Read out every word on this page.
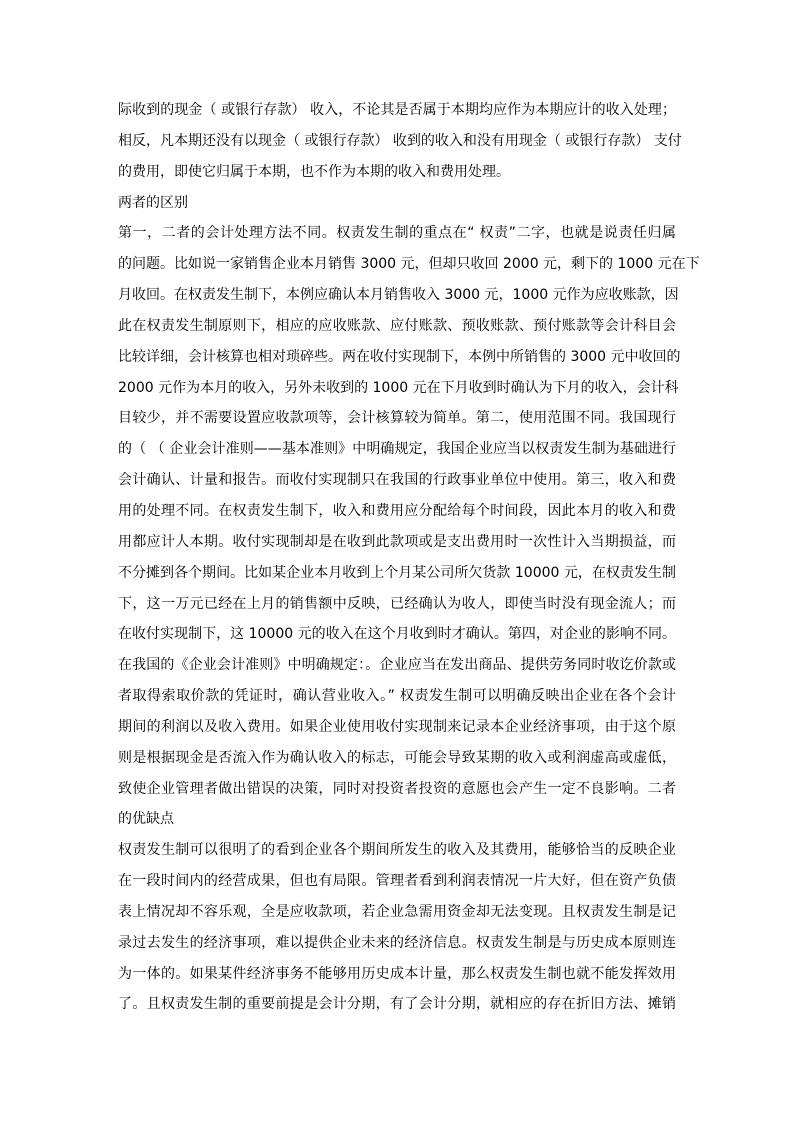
际收到的现金（ 或银行存款） 收入，不论其是否属于本期均应作为本期应计的收入处理；
相反，凡本期还没有以现金（ 或银行存款） 收到的收入和没有用现金（ 或银行存款） 支付
的费用，即使它归属于本期，也不作为本期的收入和费用处理。
两者的区别
第一，二者的会计处理方法不同。权责发生制的重点在“ 权责”二字，也就是说责任归属
的问题。比如说一家销售企业本月销售 3000 元，但却只收回 2000 元，剩下的 1000 元在下
月收回。在权责发生制下，本例应确认本月销售收入 3000 元，1000 元作为应收账款，因
此在权责发生制原则下，相应的应收账款、应付账款、预收账款、预付账款等会计科目会
比较详细，会计核算也相对琐碎些。两在收付实现制下，本例中所销售的 3000 元中收回的
2000 元作为本月的收入，另外未收到的 1000 元在下月收到时确认为下月的收入，会计科
目较少，并不需要设置应收款项等，会计核算较为简单。第二，使用范围不同。我国现行
的（ （ 企业会计准则——基本准则》中明确规定，我国企业应当以权责发生制为基础进行
会计确认、计量和报告。而收付实现制只在我国的行政事业单位中使用。第三，收入和费
用的处理不同。在权责发生制下，收入和费用应分配给每个时间段，因此本月的收入和费
用都应计人本期。收付实现制却是在收到此款项或是支出费用时一次性计入当期损益，而
不分摊到各个期间。比如某企业本月收到上个月某公司所欠货款 10000 元，在权责发生制
下，这一万元已经在上月的销售额中反映，已经确认为收人，即使当时没有现金流人；而
在收付实现制下，这 10000 元的收入在这个月收到时才确认。第四，对企业的影响不同。
在我国的《企业会计准则》中明确规定：。企业应当在发出商品、提供劳务同时收讫价款或
者取得索取价款的凭证时，确认营业收入。” 权责发生制可以明确反映出企业在各个会计
期间的利润以及收入费用。如果企业使用收付实现制来记录本企业经济事项，由于这个原
则是根据现金是否流入作为确认收入的标志，可能会导致某期的收入或利润虚高或虚低，
致使企业管理者做出错误的决策，同时对投资者投资的意愿也会产生一定不良影响。二者
的优缺点
权责发生制可以很明了的看到企业各个期间所发生的收入及其费用，能够恰当的反映企业
在一段时间内的经营成果，但也有局限。管理者看到利润表情况一片大好，但在资产负债
表上情况却不容乐观，全是应收款项，若企业急需用资金却无法变现。且权责发生制是记
录过去发生的经济事项，难以提供企业未来的经济信息。权责发生制是与历史成本原则连
为一体的。如果某件经济事务不能够用历史成本计量，那么权责发生制也就不能发挥效用
了。且权责发生制的重要前提是会计分期，有了会计分期，就相应的存在折旧方法、摊销
